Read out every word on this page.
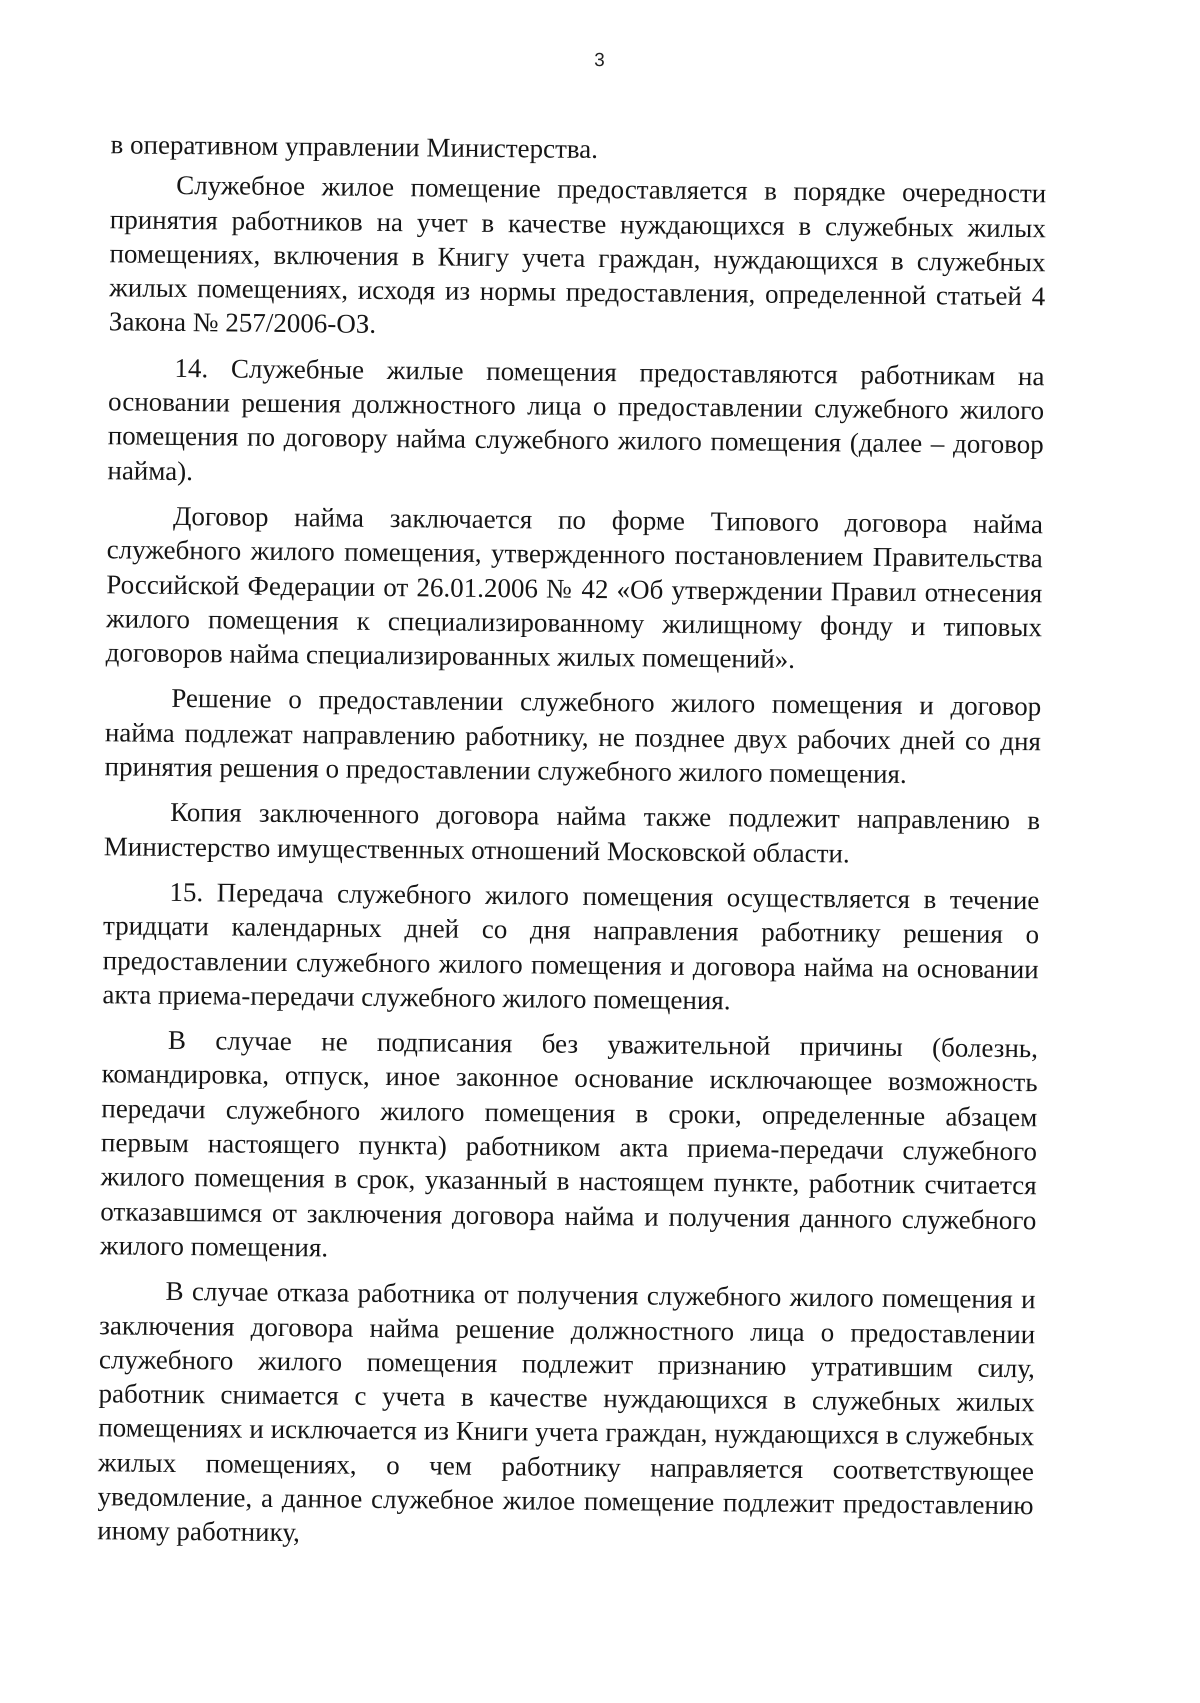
3

в оперативном управлении Министерства.

Служебное жилое помещение предоставляется в порядке очередности принятия работников на учет в качестве нуждающихся в служебных жилых помещениях, включения в Книгу учета граждан, нуждающихся в служебных жилых помещениях, исходя из нормы предоставления, определенной статьей 4 Закона № 257/2006-ОЗ.

14. Служебные жилые помещения предоставляются работникам на основании решения должностного лица о предоставлении служебного жилого помещения по договору найма служебного жилого помещения (далее – договор найма).

Договор найма заключается по форме Типового договора найма служебного жилого помещения, утвержденного постановлением Правительства Российской Федерации от 26.01.2006 № 42 «Об утверждении Правил отнесения жилого помещения к специализированному жилищному фонду и типовых договоров найма специализированных жилых помещений».

Решение о предоставлении служебного жилого помещения и договор найма подлежат направлению работнику, не позднее двух рабочих дней со дня принятия решения о предоставлении служебного жилого помещения.

Копия заключенного договора найма также подлежит направлению в Министерство имущественных отношений Московской области.

15. Передача служебного жилого помещения осуществляется в течение тридцати календарных дней со дня направления работнику решения о предоставлении служебного жилого помещения и договора найма на основании акта приема-передачи служебного жилого помещения.

В случае не подписания без уважительной причины (болезнь, командировка, отпуск, иное законное основание исключающее возможность передачи служебного жилого помещения в сроки, определенные абзацем первым настоящего пункта) работником акта приема-передачи служебного жилого помещения в срок, указанный в настоящем пункте, работник считается отказавшимся от заключения договора найма и получения данного служебного жилого помещения.

В случае отказа работника от получения служебного жилого помещения и заключения договора найма решение должностного лица о предоставлении служебного жилого помещения подлежит признанию утратившим силу, работник снимается с учета в качестве нуждающихся в служебных жилых помещениях и исключается из Книги учета граждан, нуждающихся в служебных жилых помещениях, о чем работнику направляется соответствующее уведомление, а данное служебное жилое помещение подлежит предоставлению иному работнику,
